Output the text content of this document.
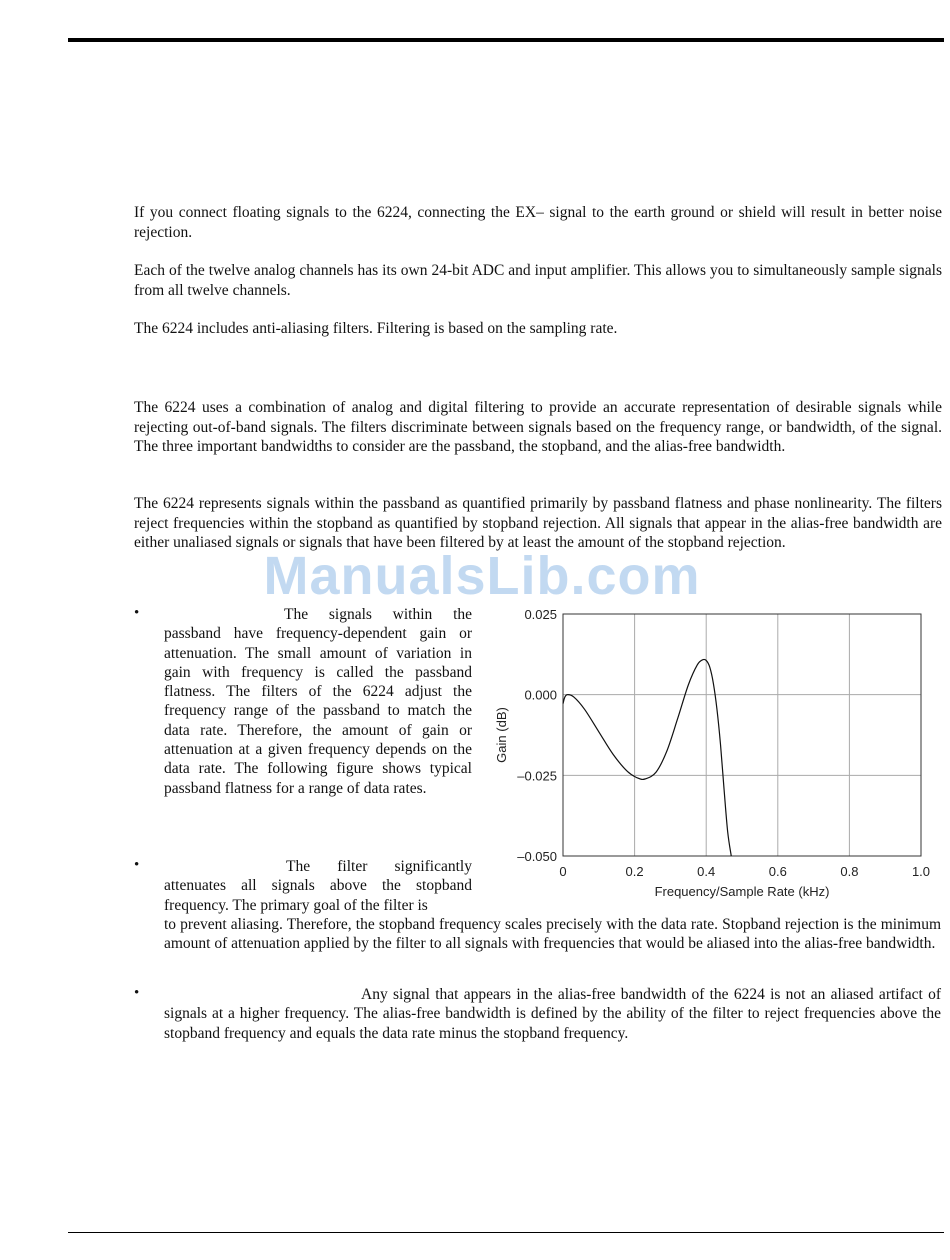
If you connect floating signals to the 6224, connecting the EX– signal to the earth ground or shield will result in better noise rejection.

Each of the twelve analog channels has its own 24-bit ADC and input amplifier. This allows you to simultaneously sample signals from all twelve channels.

The 6224 includes anti-aliasing filters. Filtering is based on the sampling rate.

The 6224 uses a combination of analog and digital filtering to provide an accurate representation of desirable signals while rejecting out-of-band signals. The filters discriminate between signals based on the frequency range, or bandwidth, of the signal. The three important bandwidths to consider are the passband, the stopband, and the alias-free bandwidth.

The 6224 represents signals within the passband as quantified primarily by passband flatness and phase nonlinearity. The filters reject frequencies within the stopband as quantified by stopband rejection. All signals that appear in the alias-free bandwidth are either unaliased signals or signals that have been filtered by at least the amount of the stopband rejection.

ManualsLib.com
•	The signals within the passband have frequency-dependent gain or attenuation. The small amount of variation in gain with frequency is called the passband flatness. The filters of the 6224 adjust the frequency range of the passband to match the data rate. Therefore, the amount of gain or attenuation at a given frequency depends on the data rate. The following figure shows typical passband flatness for a range of data rates.

•	The filter significantly attenuates all signals above the stopband frequency. The primary goal of the filter is

to prevent aliasing. Therefore, the stopband frequency scales precisely with the data rate. Stopband rejection is the minimum amount of attenuation applied by the filter to all signals with frequencies that would be aliased into the alias-free bandwidth.

•	Any signal that appears in the alias-free bandwidth of the 6224 is not an aliased artifact of signals at a higher frequency. The alias-free bandwidth is defined by the ability of the filter to reject frequencies above the stopband frequency and equals the data rate minus the stopband frequency.

0	0.2	0.4	0.6	0.8	1.0
0.025
0.000
–0.025
–0.050
Frequency/Sample Rate (kHz)
Gain (dB)
